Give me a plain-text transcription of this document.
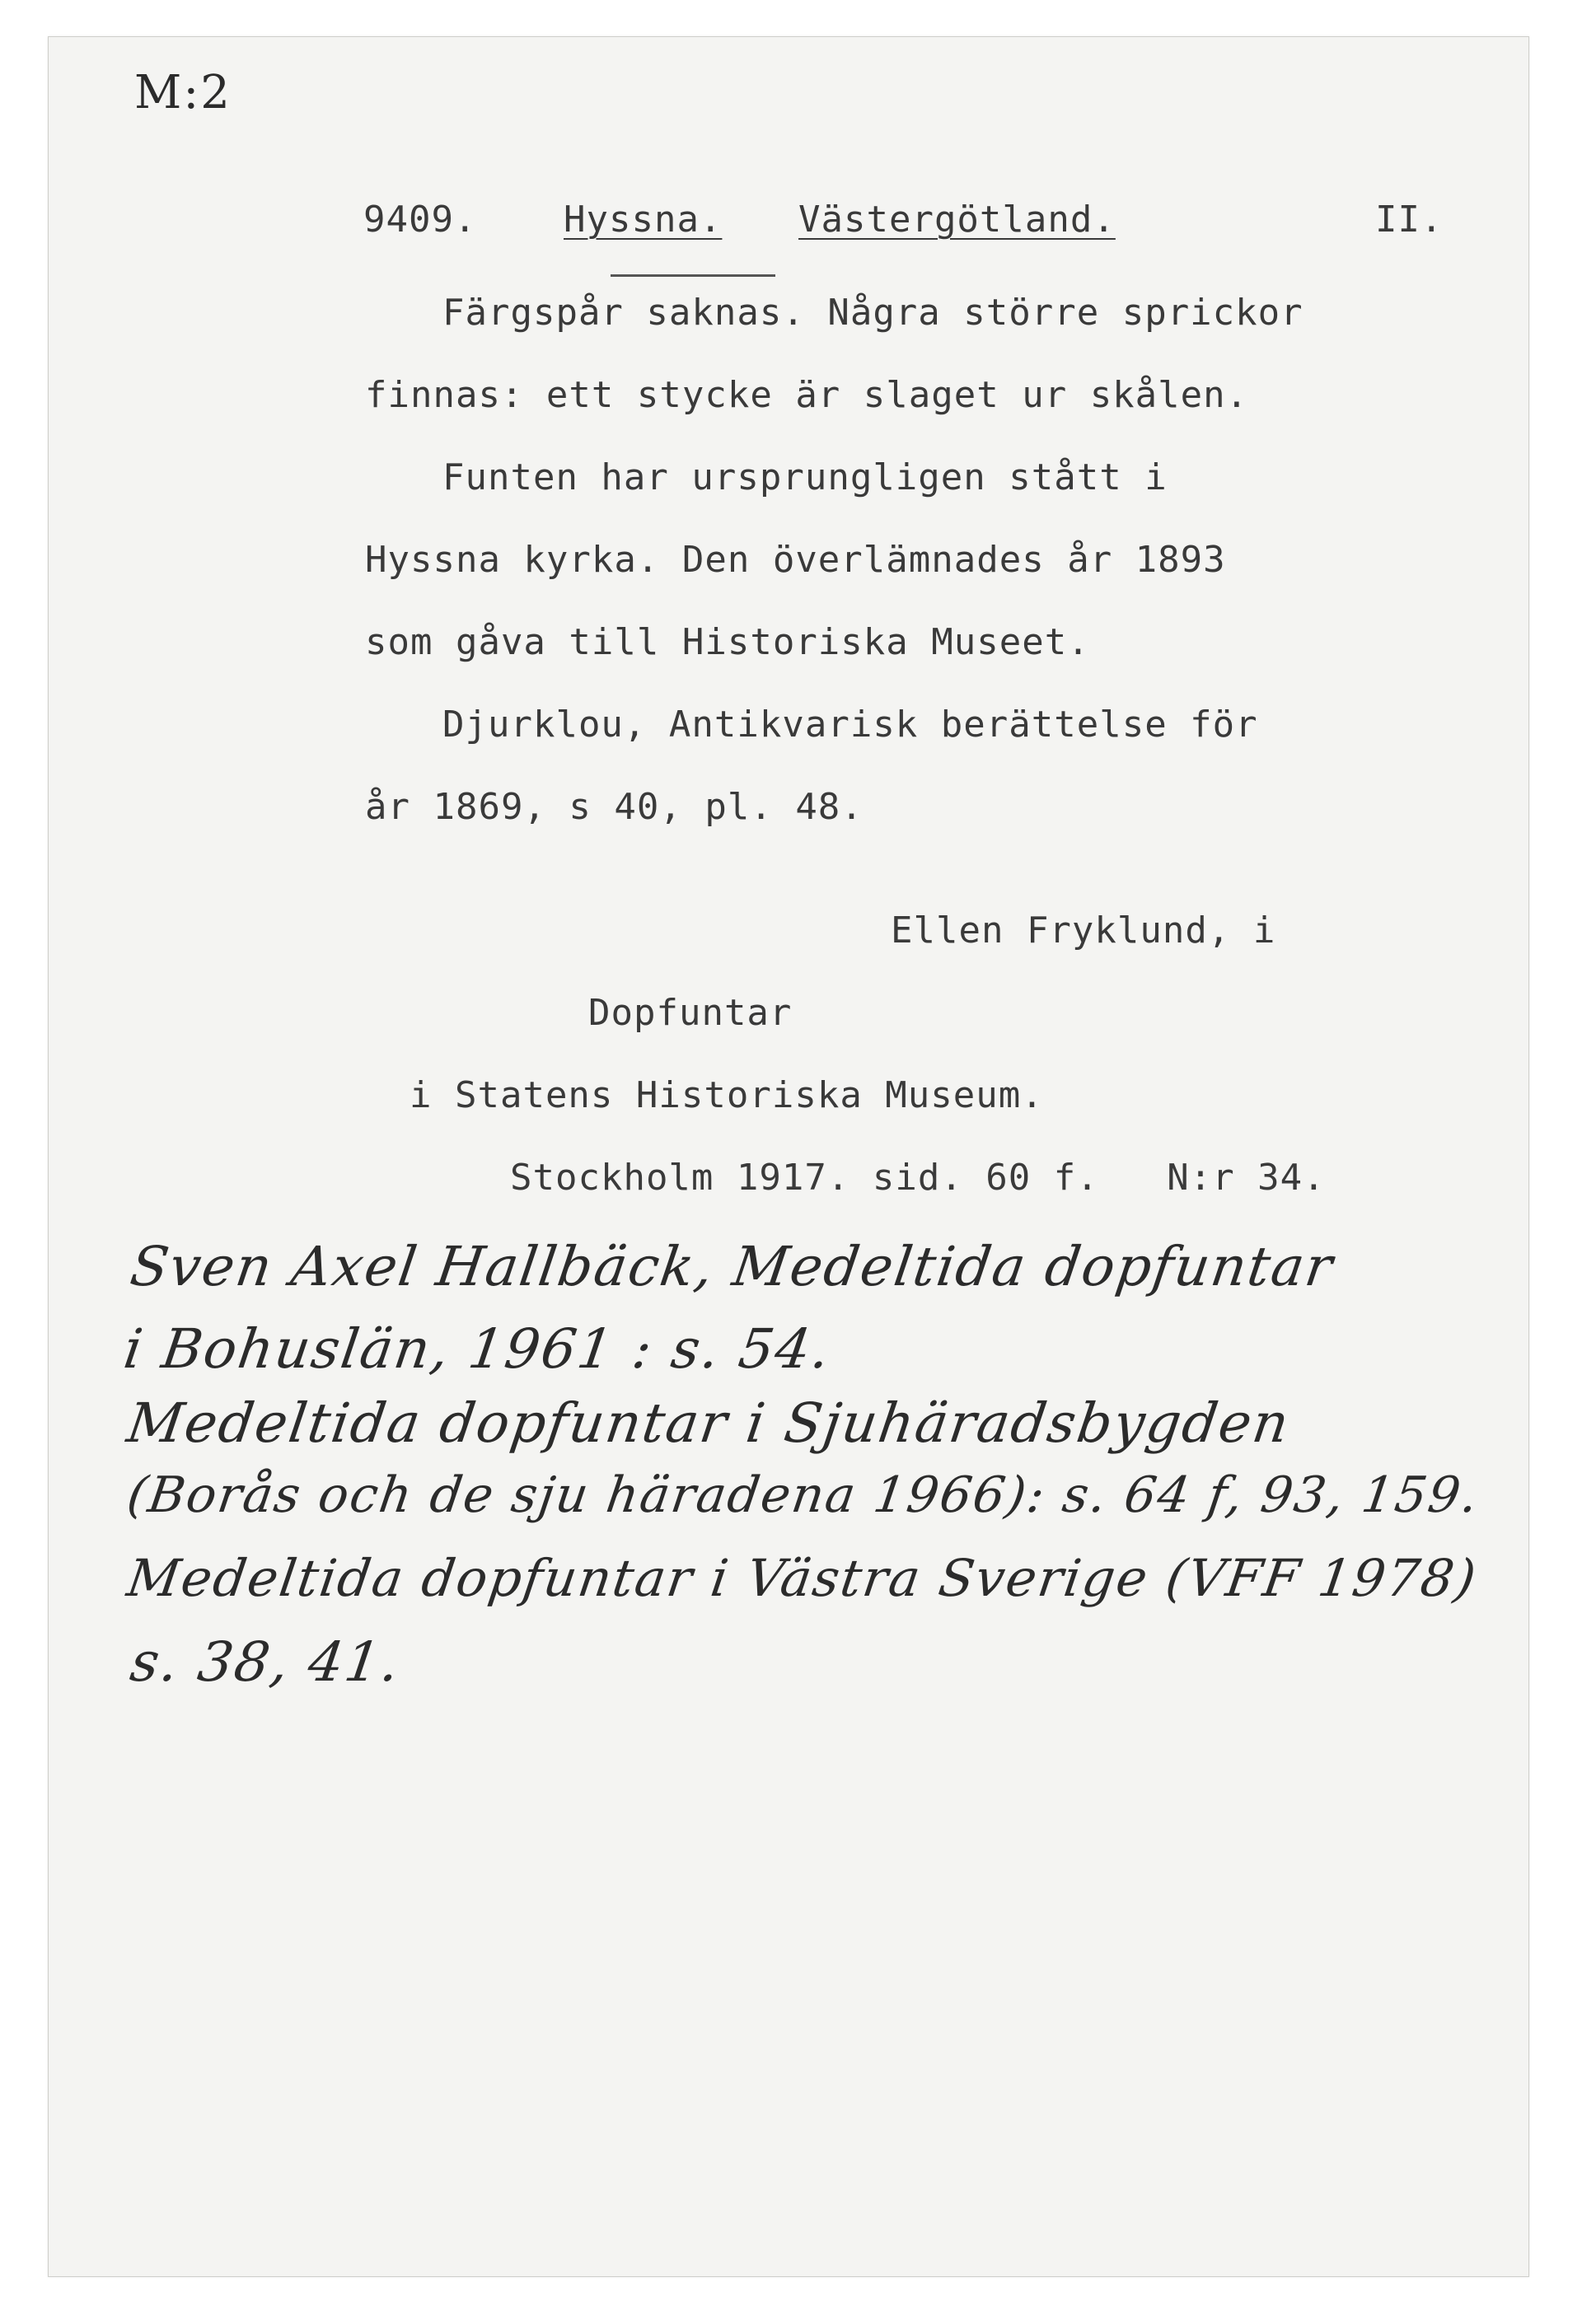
M:2
9409. Hyssna. Västergötland.	II.
Färgspår saknas. Några större sprickor
finnas: ett stycke är slaget ur skålen.
Funten har ursprungligen stått i
Hyssna kyrka. Den överlämnades år 1893
som gåva till Historiska Museet.
Djurklou, Antikvarisk berättelse för
år 1869, s 40, pl. 48.
Ellen Fryklund, i
Dopfuntar
i Statens Historiska Museum.
Stockholm 1917. sid. 60 f.   N:r 34.
Sven Axel Hallbäck, Medeltida dopfuntar
i Bohuslän, 1961 : s. 54.
Medeltida dopfuntar i Sjuhäradsbygden
(Borås och de sju häradena 1966): s. 64 f, 93, 159.
Medeltida dopfuntar i Västra Sverige (VFF 1978)
s. 38, 41.
